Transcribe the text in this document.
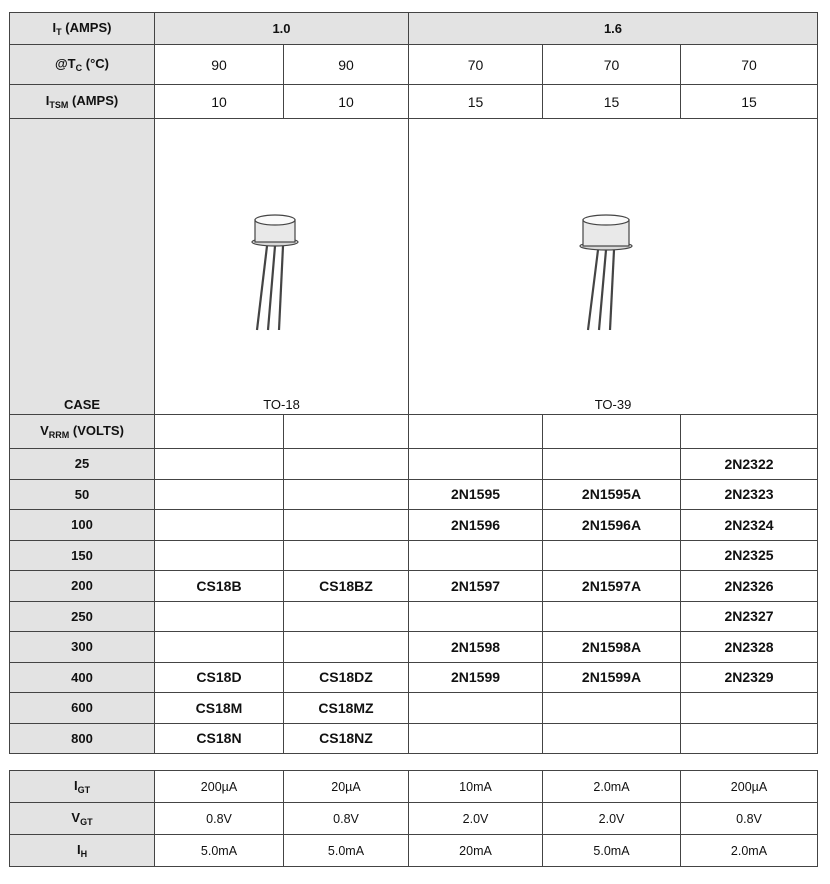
$I_T$ (AMPS)	1.0		1.6		
$@T_C$ (°C)	90	90	70	70	70
$I_{TSM}$ (AMPS)	10	10	15	15	15

CASE	TO-18		TO-39		

$V_{RRM}$ (VOLTS)					
25					2N2322
50			2N1595	2N1595A	2N2323
100			2N1596	2N1596A	2N2324
150					2N2325
200	CS18B	CS18BZ	2N1597	2N1597A	2N2326
250					2N2327
300			2N1598	2N1598A	2N2328
400	CS18D	CS18DZ	2N1599	2N1599A	2N2329
600	CS18M	CS18MZ			
800	CS18N	CS18NZ			
$I_{GT}$	200µA	20µA	10mA	2.0mA	200µA
$V_{GT}$	0.8V	0.8V	2.0V	2.0V	0.8V
$I_H$	5.0mA	5.0mA	20mA	5.0mA	2.0mA
